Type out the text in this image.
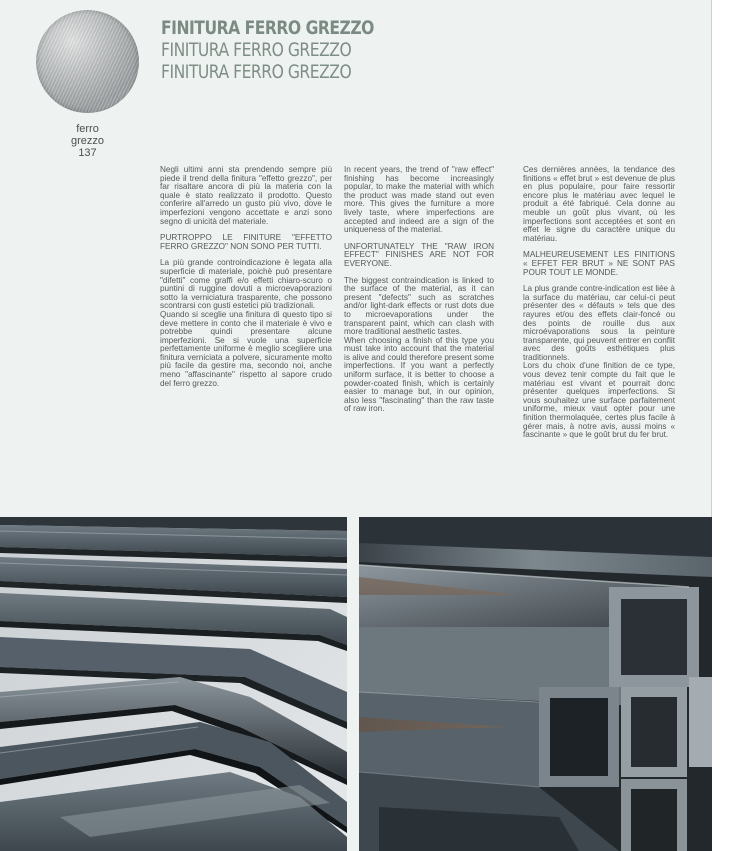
ferro
grezzo
137
FINITURA FERRO GREZZO
FINITURA FERRO GREZZO
FINITURA FERRO GREZZO

Negli ultimi anni sta prendendo sempre più piede il trend della finitura "effetto grezzo", per far risaltare ancora di più la materia con la quale è stato realizzato il prodotto. Questo conferire all'arredo un gusto più vivo, dove le imperfezioni vengono accettate e anzi sono segno di unicità del materiale.

PURTROPPO LE FINITURE "EFFETTO FERRO GREZZO" NON SONO PER TUTTI.

La più grande controindicazione è legata alla superficie di materiale, poichè può presentare "difetti" come graffi e/o effetti chiaro-scuro o puntini di ruggine dovuti a microevaporazioni sotto la verniciatura trasparente, che possono scontrarsi con gusti estetici più tradizionali.

Quando si sceglie una finitura di questo tipo si deve mettere in conto che il materiale è vivo e potrebbe quindi presentare alcune imperfezioni. Se si vuole una superficie perfettamente uniforme è meglio scegliere una finitura verniciata a polvere, sicuramente molto più facile da gestire ma, secondo noi, anche meno "affascinante" rispetto al sapore crudo del ferro grezzo.

In recent years, the trend of "raw effect" finishing has become increasingly popular, to make the material with which the product was made stand out even more. This gives the furniture a more lively taste, where imperfections are accepted and indeed are a sign of the uniqueness of the material.

UNFORTUNATELY THE "RAW IRON EFFECT" FINISHES ARE NOT FOR EVERYONE.

The biggest contraindication is linked to the surface of the material, as it can present "defects" such as scratches and/or light-dark effects or rust dots due to microevaporations under the transparent paint, which can clash with more traditional aesthetic tastes.

When choosing a finish of this type you must take into account that the material is alive and could therefore present some imperfections. If you want a perfectly uniform surface, it is better to choose a powder-coated finish, which is certainly easier to manage but, in our opinion, also less "fascinating" than the raw taste of raw iron.

Ces dernières années, la tendance des finitions « effet brut » est devenue de plus en plus populaire, pour faire ressortir encore plus le matériau avec lequel le produit a été fabriqué. Cela donne au meuble un goût plus vivant, où les imperfections sont acceptées et sont en effet le signe du caractère unique du matériau.

MALHEUREUSEMENT LES FINITIONS « EFFET FER BRUT » NE SONT PAS POUR TOUT LE MONDE.

La plus grande contre-indication est liée à la surface du matériau, car celui-ci peut présenter des « défauts » tels que des rayures et/ou des effets clair-foncé ou des points de rouille dus aux microévaporations sous la peinture transparente, qui peuvent entrer en conflit avec des goûts esthétiques plus traditionnels.

Lors du choix d'une finition de ce type, vous devez tenir compte du fait que le matériau est vivant et pourrait donc présenter quelques imperfections. Si vous souhaitez une surface parfaitement uniforme, mieux vaut opter pour une finition thermolaquée, certes plus facile à gérer mais, à notre avis, aussi moins « fascinante » que le goût brut du fer brut.
